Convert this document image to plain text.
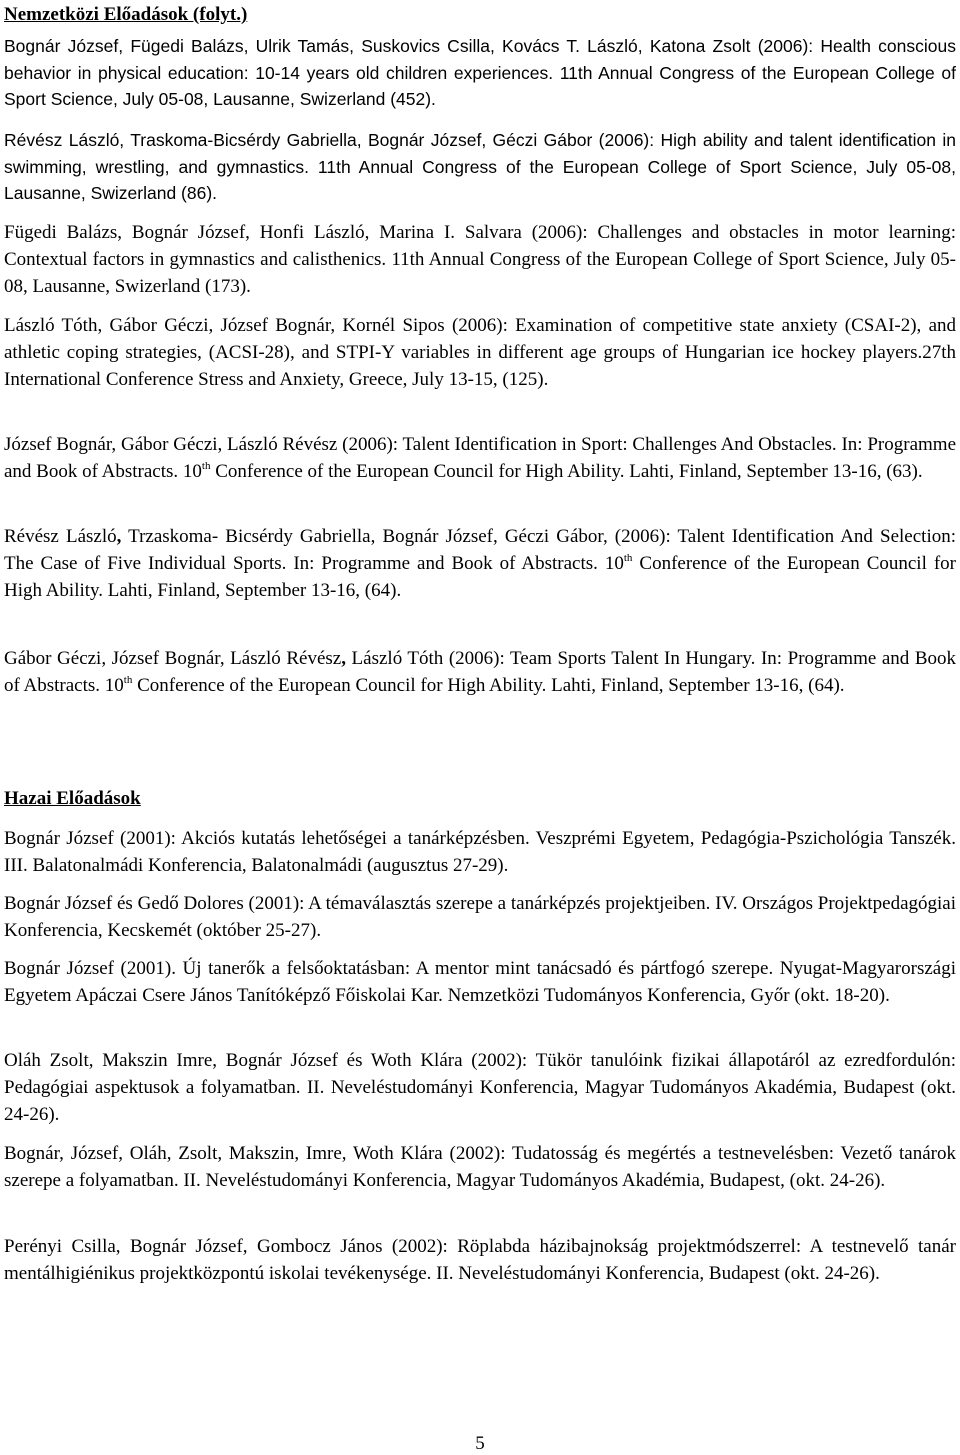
Nemzetközi Előadások (folyt.)
Bognár József, Fügedi Balázs, Ulrik Tamás, Suskovics Csilla, Kovács T. László, Katona Zsolt (2006): Health conscious behavior in physical education: 10-14 years old children experiences. 11th Annual Congress of the European College of Sport Science, July 05-08, Lausanne, Swizerland (452).
Révész László, Traskoma-Bicsérdy Gabriella, Bognár József, Géczi Gábor (2006): High ability and talent identification in swimming, wrestling, and gymnastics. 11th Annual Congress of the European College of Sport Science, July 05-08, Lausanne, Swizerland (86).
Fügedi Balázs, Bognár József, Honfi László, Marina I. Salvara (2006): Challenges and obstacles in motor learning: Contextual factors in gymnastics and calisthenics. 11th Annual Congress of the European College of Sport Science, July 05-08, Lausanne, Swizerland (173).
László Tóth, Gábor Géczi, József Bognár, Kornél Sipos (2006): Examination of competitive state anxiety (CSAI-2), and athletic coping strategies, (ACSI-28), and STPI-Y variables in different age groups of Hungarian ice hockey players.27th International Conference Stress and Anxiety, Greece, July 13-15, (125).
József Bognár, Gábor Géczi, László Révész (2006): Talent Identification in Sport: Challenges And Obstacles. In: Programme and Book of Abstracts. 10th Conference of the European Council for High Ability. Lahti, Finland, September 13-16, (63).
Révész László, Trzaskoma- Bicsérdy Gabriella, Bognár József, Géczi Gábor, (2006): Talent Identification And Selection: The Case of Five Individual Sports. In: Programme and Book of Abstracts. 10th Conference of the European Council for High Ability. Lahti, Finland, September 13-16, (64).
Gábor Géczi, József Bognár, László Révész, László Tóth (2006): Team Sports Talent In Hungary. In: Programme and Book of Abstracts. 10th Conference of the European Council for High Ability. Lahti, Finland, September 13-16, (64).
Hazai Előadások
Bognár József (2001): Akciós kutatás lehetőségei a tanárképzésben. Veszprémi Egyetem, Pedagógia-Pszichológia Tanszék. III. Balatonalmádi Konferencia, Balatonalmádi (augusztus 27-29).
Bognár József és Gedő Dolores (2001): A témaválasztás szerepe a tanárképzés projektjeiben. IV. Országos Projektpedagógiai Konferencia, Kecskemét (október 25-27).
Bognár József (2001). Új tanerők a felsőoktatásban: A mentor mint tanácsadó és pártfogó szerepe. Nyugat-Magyarországi Egyetem Apáczai Csere János Tanítóképző Főiskolai Kar. Nemzetközi Tudományos Konferencia, Győr (okt. 18-20).
Oláh Zsolt, Makszin Imre, Bognár József és Woth Klára (2002): Tükör tanulóink fizikai állapotáról az ezredfordulón: Pedagógiai aspektusok a folyamatban. II. Neveléstudományi Konferencia, Magyar Tudományos Akadémia, Budapest (okt. 24-26).
Bognár, József, Oláh, Zsolt, Makszin, Imre, Woth Klára (2002): Tudatosság és megértés a testnevelésben: Vezető tanárok szerepe a folyamatban. II. Neveléstudományi Konferencia, Magyar Tudományos Akadémia, Budapest, (okt. 24-26).
Perényi Csilla, Bognár József, Gombocz János (2002): Röplabda házibajnokság projektmódszerrel: A testnevelő tanár mentálhigiénikus projektközpontú iskolai tevékenysége. II. Neveléstudományi Konferencia, Budapest (okt. 24-26).
5
